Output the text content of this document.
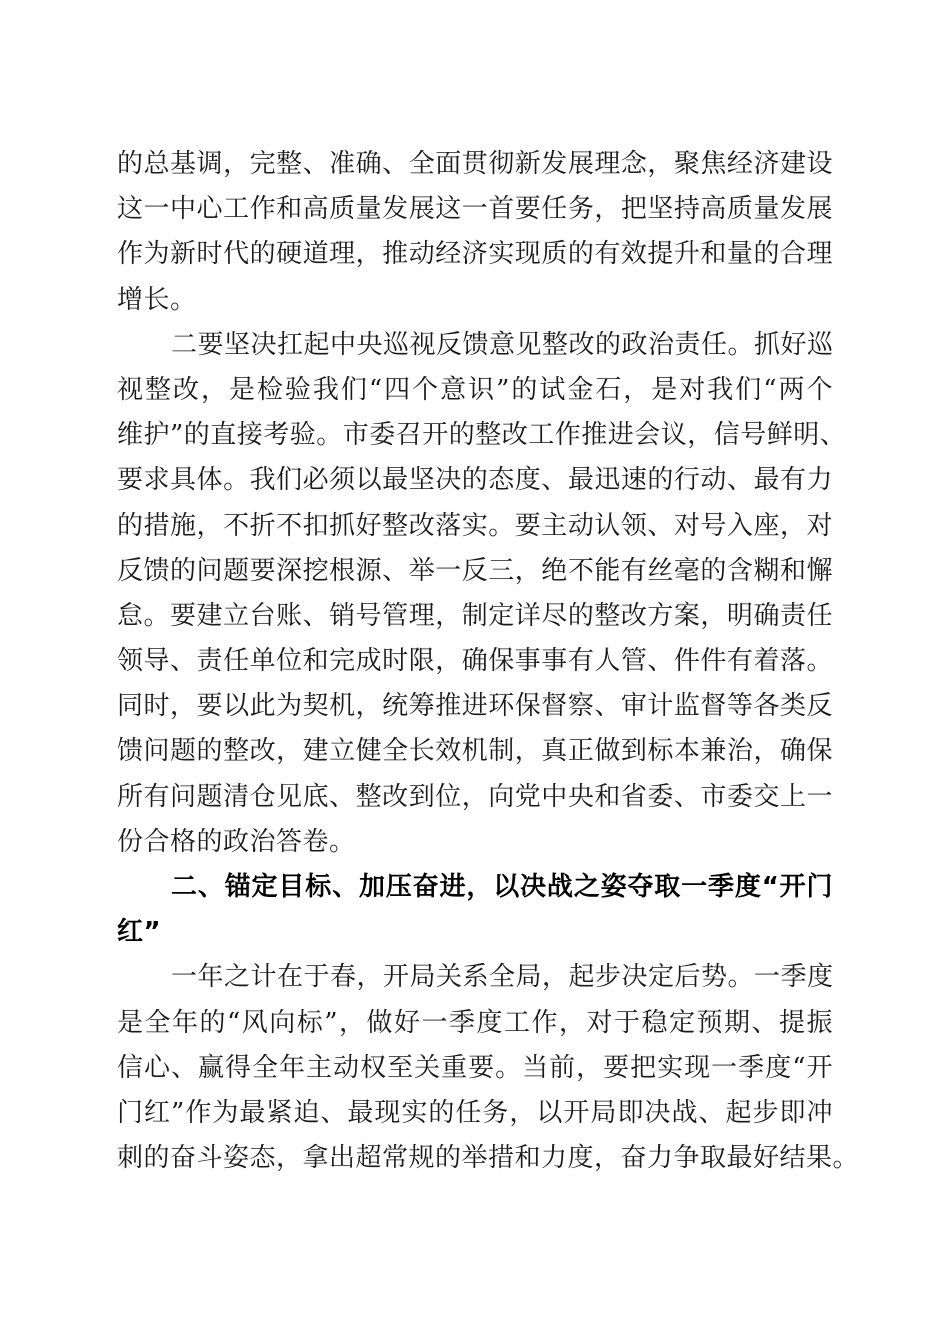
的总基调，完整、准确、全面贯彻新发展理念，聚焦经济建设
这一中心工作和高质量发展这一首要任务，把坚持高质量发展
作为新时代的硬道理，推动经济实现质的有效提升和量的合理
增长。
二要坚决扛起中央巡视反馈意见整改的政治责任。抓好巡
视整改，是检验我们“四个意识”的试金石，是对我们“两个
维护”的直接考验。市委召开的整改工作推进会议，信号鲜明、
要求具体。我们必须以最坚决的态度、最迅速的行动、最有力
的措施，不折不扣抓好整改落实。要主动认领、对号入座，对
反馈的问题要深挖根源、举一反三，绝不能有丝毫的含糊和懈
怠。要建立台账、销号管理，制定详尽的整改方案，明确责任
领导、责任单位和完成时限，确保事事有人管、件件有着落。
同时，要以此为契机，统筹推进环保督察、审计监督等各类反
馈问题的整改，建立健全长效机制，真正做到标本兼治，确保
所有问题清仓见底、整改到位，向党中央和省委、市委交上一
份合格的政治答卷。
二、锚定目标、加压奋进，以决战之姿夺取一季度“开门
红”
一年之计在于春，开局关系全局，起步决定后势。一季度
是全年的“风向标”，做好一季度工作，对于稳定预期、提振
信心、赢得全年主动权至关重要。当前，要把实现一季度“开
门红”作为最紧迫、最现实的任务，以开局即决战、起步即冲
刺的奋斗姿态，拿出超常规的举措和力度，奋力争取最好结果。
